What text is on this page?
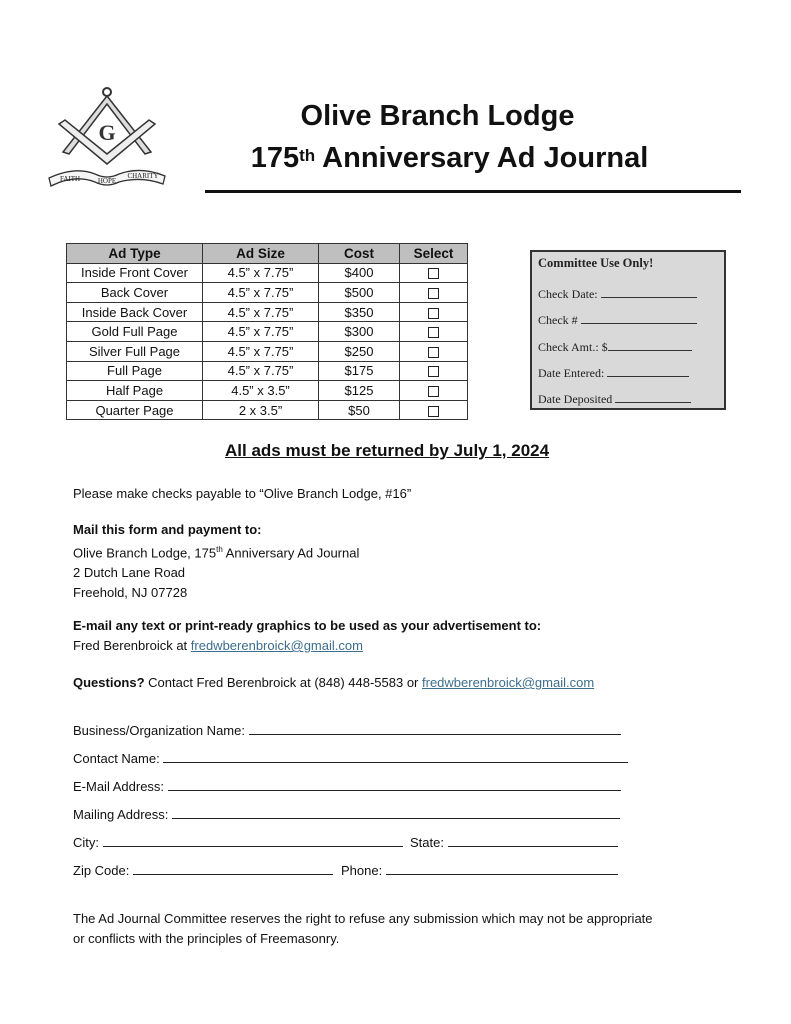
G
FAITH	HOPE
CHARITY
Olive Branch Lodge
175th Anniversary Ad Journal
Ad Type	Ad Size	Cost	Select
Inside Front Cover	4.5” x 7.75”	$400	
Back Cover	4.5” x 7.75”	$500	
Inside Back Cover	4.5” x 7.75”	$350	
Gold Full Page	4.5” x 7.75”	$300	
Silver Full Page	4.5” x 7.75”	$250	
Full Page	4.5” x 7.75”	$175	
Half Page	4.5” x 3.5”	$125	
Quarter Page	2 x 3.5”	$50	
Committee Use Only!
Check Date:
Check #
Check Amt.: $
Date Entered:
Date Deposited
All ads must be returned by July 1, 2024
Please make checks payable to “Olive Branch Lodge, #16”
Mail this form and payment to:
Olive Branch Lodge, 175th Anniversary Ad Journal
2 Dutch Lane Road
Freehold, NJ 07728
E-mail any text or print-ready graphics to be used as your advertisement to:
Fred Berenbroick at fredwberenbroick@gmail.com
Questions? Contact Fred Berenbroick at (848) 448-5583 or fredwberenbroick@gmail.com
Business/Organization Name:
Contact Name:
E-Mail Address:
Mailing Address:
City:	State:
Zip Code:	Phone:
The Ad Journal Committee reserves the right to refuse any submission which may not be appropriate
or conflicts with the principles of Freemasonry.
